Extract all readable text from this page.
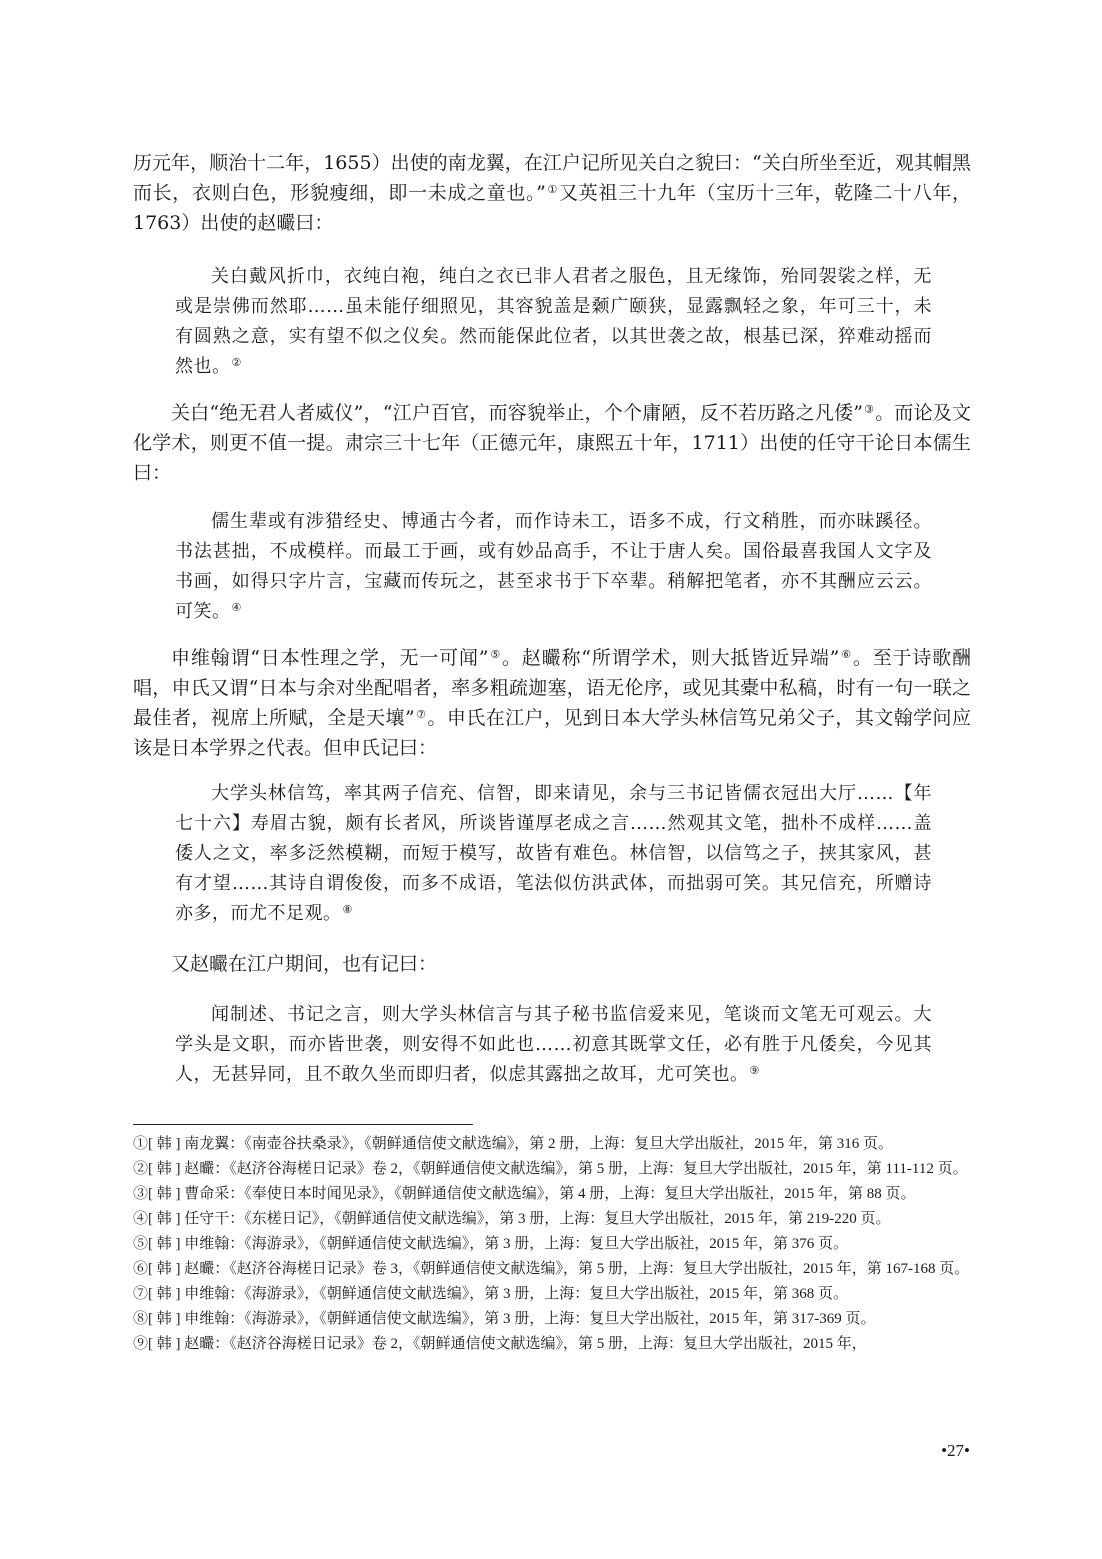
历元年，顺治十二年，1655）出使的南龙翼，在江户记所见关白之貌曰：“关白所坐至近，观其帽黑而长，衣则白色，形貌瘦细，即一未成之童也。”①又英祖三十九年（宝历十三年，乾隆二十八年，1763）出使的赵曮曰：

关白戴风折巾，衣纯白袍，纯白之衣已非人君者之服色，且无缘饰，殆同袈裟之样，无或是崇佛而然耶……虽未能仔细照见，其容貌盖是颡广颐狭，显露飘轻之象，年可三十，未有圆熟之意，实有望不似之仪矣。然而能保此位者，以其世袭之故，根基已深，猝难动摇而然也。②

关白“绝无君人者威仪”，“江户百官，而容貌举止，个个庸陋，反不若历路之凡倭”③。而论及文化学术，则更不值一提。肃宗三十七年（正德元年，康熙五十年，1711）出使的任守干论日本儒生曰：

儒生辈或有涉猎经史、博通古今者，而作诗未工，语多不成，行文稍胜，而亦昧蹊径。书法甚拙，不成模样。而最工于画，或有妙品高手，不让于唐人矣。国俗最喜我国人文字及书画，如得只字片言，宝藏而传玩之，甚至求书于下卒辈。稍解把笔者，亦不其酬应云云。可笑。④

申维翰谓“日本性理之学，无一可闻”⑤。赵曮称“所谓学术，则大抵皆近异端”⑥。至于诗歌酬唱，申氏又谓“日本与余对坐配唱者，率多粗疏迦塞，语无伦序，或见其橐中私稿，时有一句一联之最佳者，视席上所赋，全是天壤”⑦。申氏在江户，见到日本大学头林信笃兄弟父子，其文翰学问应该是日本学界之代表。但申氏记曰：

大学头林信笃，率其两子信充、信智，即来请见，余与三书记皆儒衣冠出大厅……【年七十六】寿眉古貌，颇有长者风，所谈皆谨厚老成之言……然观其文笔，拙朴不成样……盖倭人之文，率多泛然模糊，而短于模写，故皆有难色。林信智，以信笃之子，挟其家风，甚有才望……其诗自谓俊俊，而多不成语，笔法似仿洪武体，而拙弱可笑。其兄信充，所赠诗亦多，而尤不足观。⑧

又赵曮在江户期间，也有记曰：

闻制述、书记之言，则大学头林信言与其子秘书监信爱来见，笔谈而文笔无可观云。大学头是文职，而亦皆世袭，则安得不如此也……初意其既掌文任，必有胜于凡倭矣，今见其人，无甚异同，且不敢久坐而即归者，似虑其露拙之故耳，尤可笑也。⑨

①[ 韩 ] 南龙翼：《南壶谷扶桑录》，《朝鲜通信使文献选编》，第 2 册，上海：复旦大学出版社，2015 年，第 316 页。

②[ 韩 ] 赵曮：《赵济谷海槎日记录》卷 2，《朝鲜通信使文献选编》，第 5 册，上海：复旦大学出版社，2015 年，第 111-112 页。

③[ 韩 ] 曹命采：《奉使日本时闻见录》，《朝鲜通信使文献选编》，第 4 册，上海：复旦大学出版社，2015 年，第 88 页。

④[ 韩 ] 任守干：《东槎日记》，《朝鲜通信使文献选编》，第 3 册，上海：复旦大学出版社，2015 年，第 219-220 页。

⑤[ 韩 ] 申维翰：《海游录》，《朝鲜通信使文献选编》，第 3 册，上海：复旦大学出版社，2015 年，第 376 页。

⑥[ 韩 ] 赵曮：《赵济谷海槎日记录》卷 3，《朝鲜通信使文献选编》，第 5 册，上海：复旦大学出版社，2015 年，第 167-168 页。

⑦[ 韩 ] 申维翰：《海游录》，《朝鲜通信使文献选编》，第 3 册，上海：复旦大学出版社，2015 年，第 368 页。

⑧[ 韩 ] 申维翰：《海游录》，《朝鲜通信使文献选编》，第 3 册，上海：复旦大学出版社，2015 年，第 317-369 页。

⑨[ 韩 ] 赵曮：《赵济谷海槎日记录》卷 2，《朝鲜通信使文献选编》，第 5 册，上海：复旦大学出版社，2015 年，

•27•
